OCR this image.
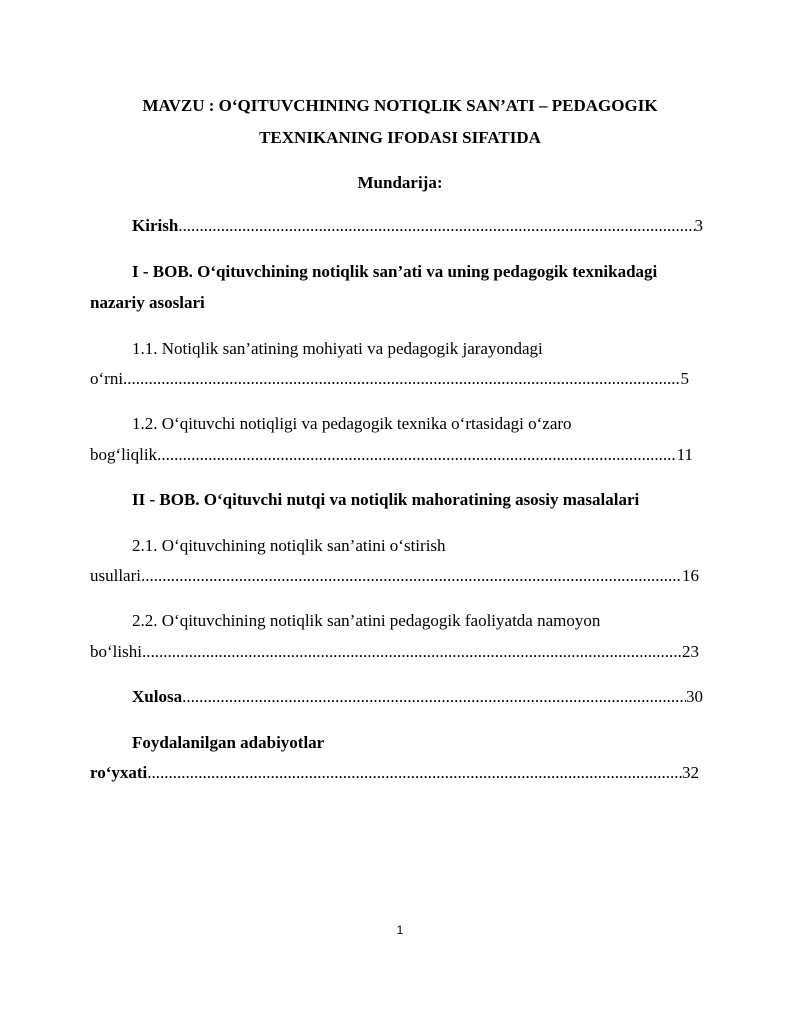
MAVZU : O‘QITUVCHINING NOTIQLIK SAN’ATI – PEDAGOGIK
TEXNIKANING IFODASI SIFATIDA
Mundarija:
Kirish .....	3
I - BOB. O‘qituvchining notiqlik san’ati va uning pedagogik texnikadagi
nazariy asoslari
1.1. Notiqlik san’atining mohiyati va pedagogik jarayondagi
o‘rni .....	5
1.2. O‘qituvchi notiqligi va pedagogik texnika o‘rtasidagi o‘zaro
bog‘liqlik .....	11
II - BOB. O‘qituvchi nutqi va notiqlik mahoratining asosiy masalalari
2.1. O‘qituvchining notiqlik san’atini o‘stirish
usullari .....	16
2.2. O‘qituvchining notiqlik san’atini pedagogik faoliyatda namoyon
bo‘lishi .....	23
Xulosa .....	30
Foydalanilgan adabiyotlar
ro‘yxati .....	32
1
